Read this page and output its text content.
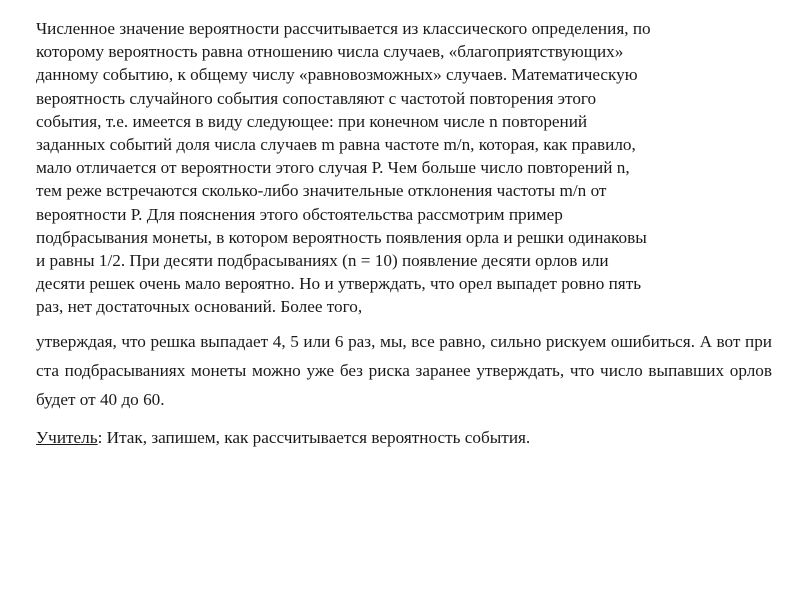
Численное значение вероятности рассчитывается из классического определения, по
которому вероятность равна отношению числа случаев, «благоприятствующих»
данному событию, к общему числу «равновозможных» случаев. Математическую
вероятность случайного события сопоставляют с частотой повторения этого
события, т.е. имеется в виду следующее: при конечном числе n повторений
заданных событий доля числа случаев m равна частоте m/n, которая, как правило,
мало отличается от вероятности этого случая Р. Чем больше число повторений n,
тем реже встречаются сколько-либо значительные отклонения частоты m/n от
вероятности Р. Для пояснения этого обстоятельства рассмотрим пример
подбрасывания монеты, в котором вероятность появления орла и решки одинаковы
и равны 1/2. При десяти подбрасываниях (n = 10) появление десяти орлов или
десяти решек очень мало вероятно. Но и утверждать, что орел выпадет ровно пять
раз, нет достаточных оснований. Более того,
утверждая, что решка выпадает 4, 5 или 6 раз, мы, все равно, сильно рискуем ошибиться. А вот при ста подбрасываниях монеты можно уже без риска заранее утверждать, что число выпавших орлов будет от 40 до 60.
Учитель: Итак, запишем, как рассчитывается вероятность события.
